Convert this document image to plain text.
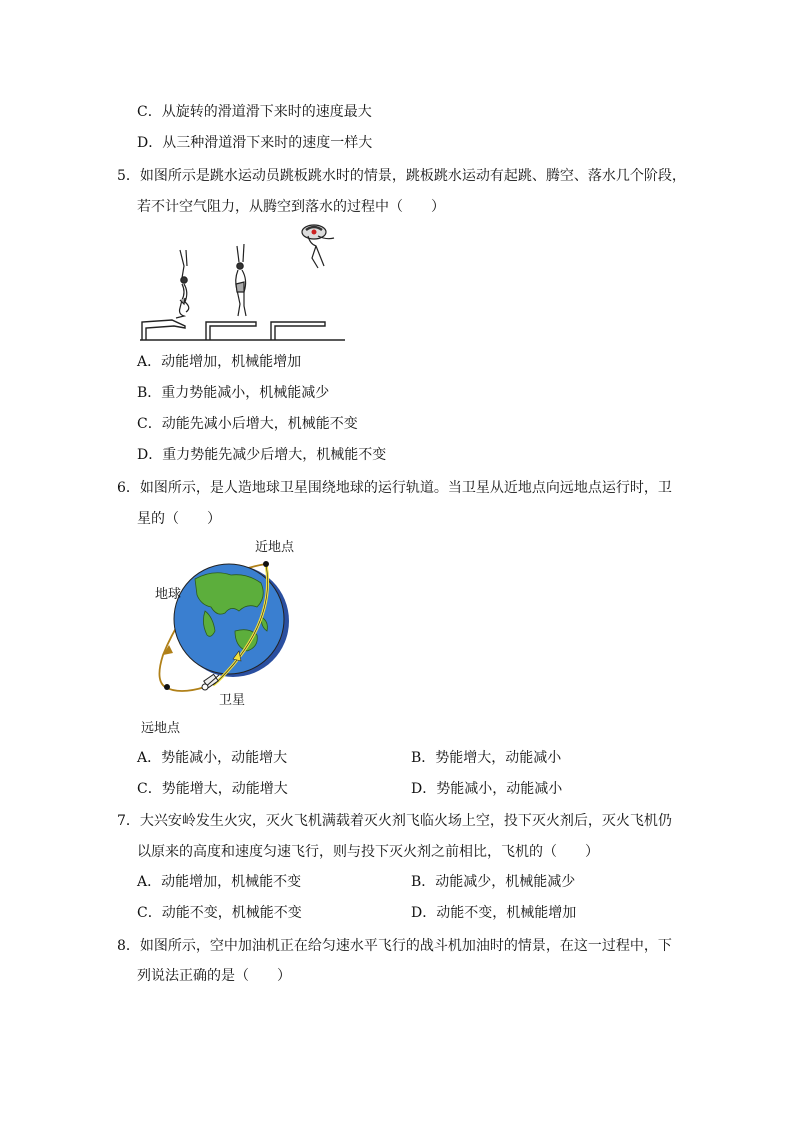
C．从旋转的滑道滑下来时的速度最大
D．从三种滑道滑下来时的速度一样大
5．如图所示是跳水运动员跳板跳水时的情景，跳板跳水运动有起跳、腾空、落水几个阶段，
若不计空气阻力，从腾空到落水的过程中（　　）
A．动能增加，机械能增加
B．重力势能减小，机械能减少
C．动能先减小后增大，机械能不变
D．重力势能先减少后增大，机械能不变
6．如图所示，是人造地球卫星围绕地球的运行轨道。当卫星从近地点向远地点运行时，卫
星的（　　）
近地点
地球
卫星
远地点
A．势能减小，动能增大	B．势能增大，动能减小
C．势能增大，动能增大	D．势能减小，动能减小
7．大兴安岭发生火灾，灭火飞机满载着灭火剂飞临火场上空，投下灭火剂后，灭火飞机仍
以原来的高度和速度匀速飞行，则与投下灭火剂之前相比，飞机的（　　）
A．动能增加，机械能不变	B．动能减少，机械能减少
C．动能不变，机械能不变	D．动能不变，机械能增加
8．如图所示，空中加油机正在给匀速水平飞行的战斗机加油时的情景，在这一过程中，下
列说法正确的是（　　）
